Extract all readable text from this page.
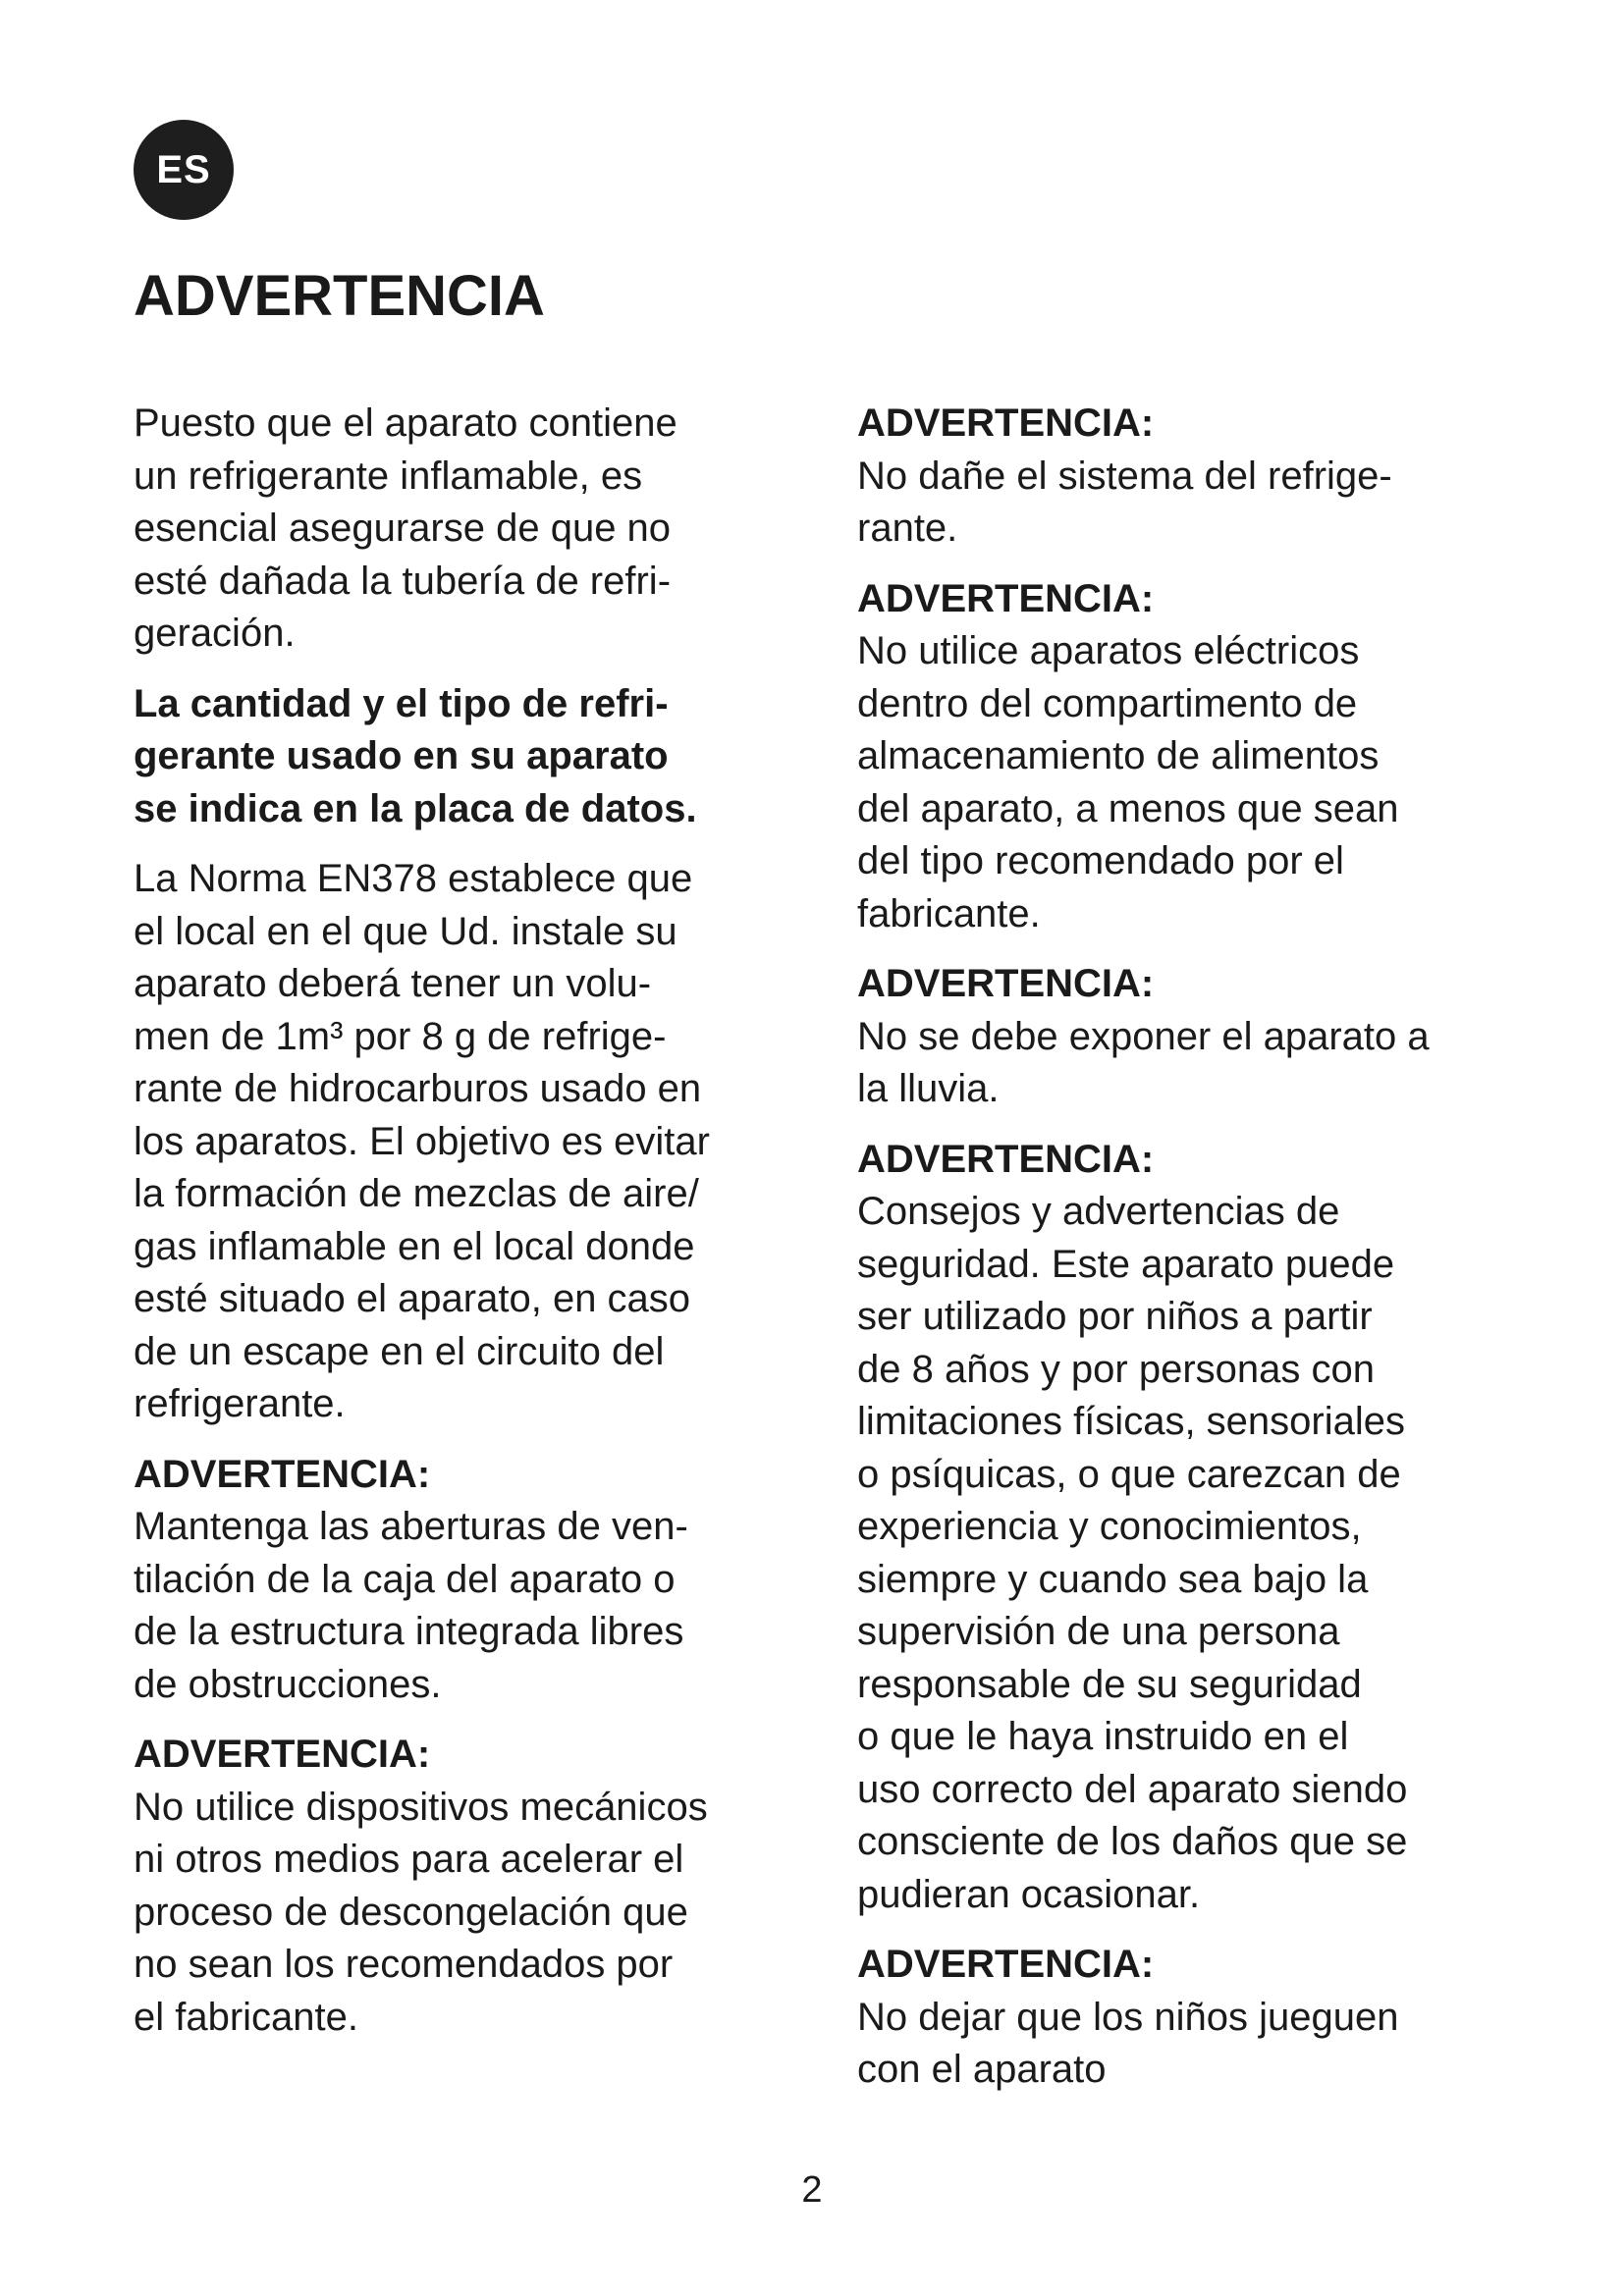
ES
ADVERTENCIA

Puesto que el aparato contiene
un refrigerante inflamable, es
esencial asegurarse de que no
esté dañada la tubería de refri-
geración.

La cantidad y el tipo de refri-
gerante usado en su aparato
se indica en la placa de datos.

La Norma EN378 establece que
el local en el que Ud. instale su
aparato deberá tener un volu-
men de 1m³ por 8 g de refrige-
rante de hidrocarburos usado en
los aparatos. El objetivo es evitar
la formación de mezclas de aire/
gas inflamable en el local donde
esté situado el aparato, en caso
de un escape en el circuito del
refrigerante.

ADVERTENCIA:

Mantenga las aberturas de ven-
tilación de la caja del aparato o
de la estructura integrada libres
de obstrucciones.

ADVERTENCIA:

No utilice dispositivos mecánicos
ni otros medios para acelerar el
proceso de descongelación que
no sean los recomendados por
el fabricante.

ADVERTENCIA:

No dañe el sistema del refrige-
rante.

ADVERTENCIA:

No utilice aparatos eléctricos
dentro del compartimento de
almacenamiento de alimentos
del aparato, a menos que sean
del tipo recomendado por el
fabricante.

ADVERTENCIA:

No se debe exponer el aparato a
la lluvia.

ADVERTENCIA:

Consejos y advertencias de
seguridad. Este aparato puede
ser utilizado por niños a partir
de 8 años y por personas con
limitaciones físicas, sensoriales
o psíquicas, o que carezcan de
experiencia y conocimientos,
siempre y cuando sea bajo la
supervisión de una persona
responsable de su seguridad
o que le haya instruido en el
uso correcto del aparato siendo
consciente de los daños que se
pudieran ocasionar.

ADVERTENCIA:

No dejar que los niños jueguen
con el aparato

2
